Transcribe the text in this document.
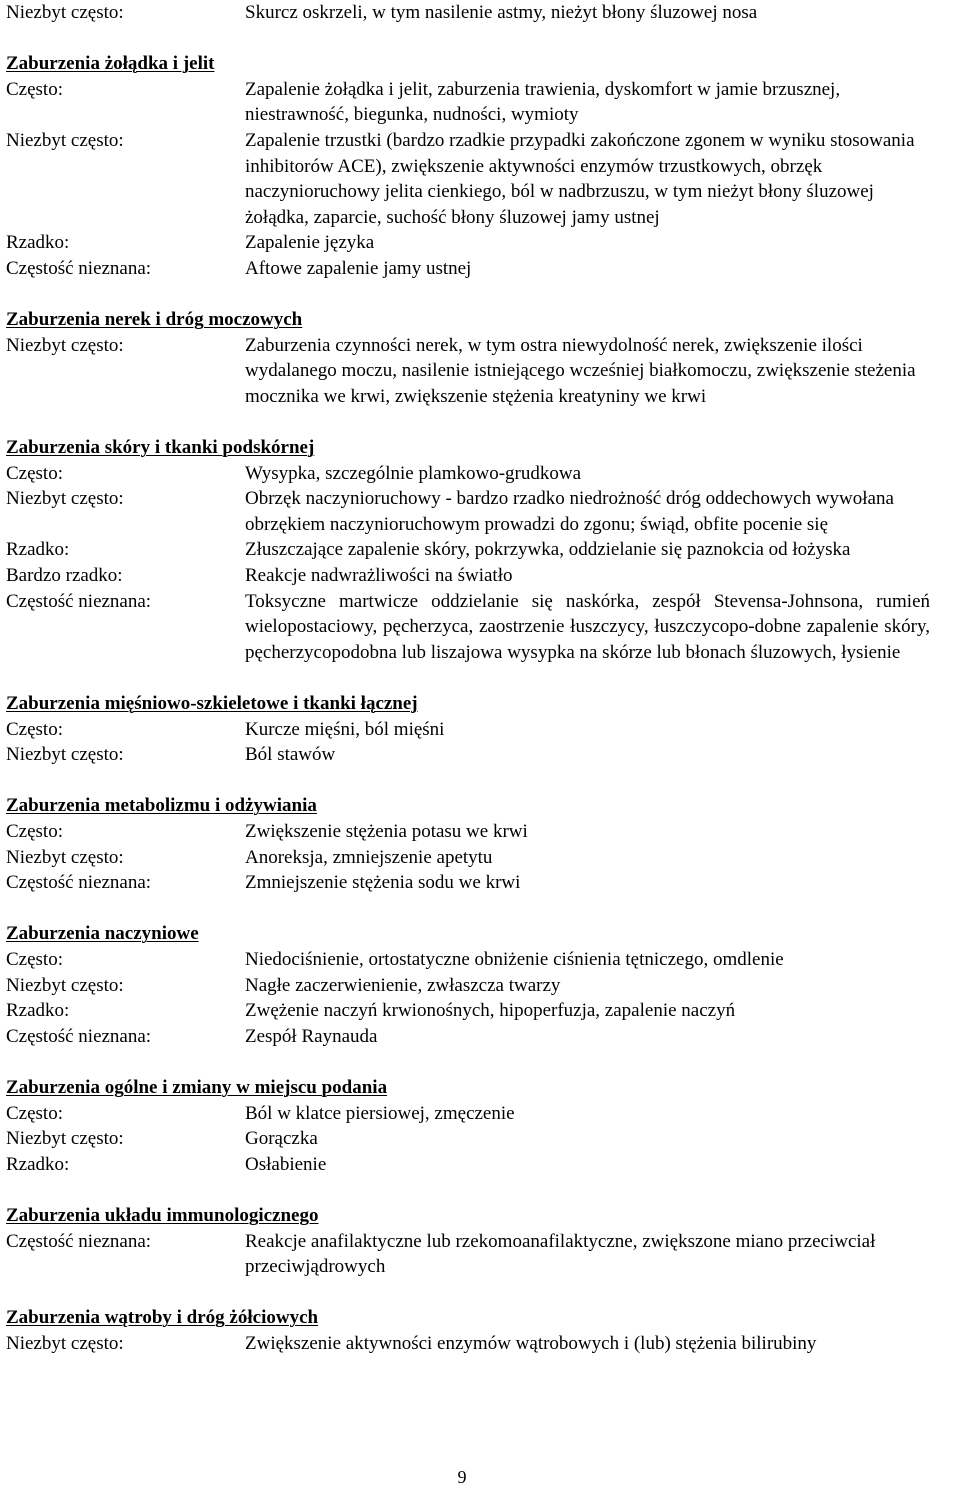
Niezbyt często:	Skurcz oskrzeli, w tym nasilenie astmy, nieżyt błony śluzowej nosa
Zaburzenia żołądka i jelit
Często:	Zapalenie żołądka i jelit, zaburzenia trawienia, dyskomfort w jamie brzusznej, niestrawność, biegunka, nudności, wymioty
Niezbyt często:	Zapalenie trzustki (bardzo rzadkie przypadki zakończone zgonem w wyniku stosowania inhibitorów ACE), zwiększenie aktywności enzymów trzustkowych, obrzęk naczynioruchowy jelita cienkiego, ból w nadbrzuszu, w tym nieżyt błony śluzowej żołądka, zaparcie, suchość błony śluzowej jamy ustnej
Rzadko:	Zapalenie języka
Częstość nieznana:	Aftowe zapalenie jamy ustnej
Zaburzenia nerek i dróg moczowych
Niezbyt często:	Zaburzenia czynności nerek, w tym ostra niewydolność nerek, zwiększenie ilości wydalanego moczu, nasilenie istniejącego wcześniej białkomoczu, zwiększenie steżenia mocznika we krwi, zwiększenie stężenia kreatyniny we krwi
Zaburzenia skóry i tkanki podskórnej
Często:	Wysypka, szczególnie plamkowo-grudkowa
Niezbyt często:	Obrzęk naczynioruchowy - bardzo rzadko niedrożność dróg oddechowych wywołana obrzękiem naczynioruchowym prowadzi do zgonu; świąd, obfite pocenie się
Rzadko:	Złuszczające zapalenie skóry, pokrzywka, oddzielanie się paznokcia od łożyska
Bardzo rzadko:	Reakcje nadwrażliwości na światło
Częstość nieznana:	Toksyczne martwicze oddzielanie się naskórka, zespół Stevensa-Johnsona, rumień wielopostaciowy, pęcherzyca, zaostrzenie łuszczycy, łuszczycopo-dobne zapalenie skóry, pęcherzycopodobna lub liszajowa wysypka na skórze lub błonach śluzowych, łysienie
Zaburzenia mięśniowo-szkieletowe i tkanki łącznej
Często:	Kurcze mięśni, ból mięśni
Niezbyt często:	Ból stawów
Zaburzenia metabolizmu i odżywiania
Często:	Zwiększenie stężenia potasu we krwi
Niezbyt często:	Anoreksja, zmniejszenie apetytu
Częstość nieznana:	Zmniejszenie stężenia sodu we krwi
Zaburzenia naczyniowe
Często:	Niedociśnienie, ortostatyczne obniżenie ciśnienia tętniczego, omdlenie
Niezbyt często:	Nagłe zaczerwienienie, zwłaszcza twarzy
Rzadko:	Zwężenie naczyń krwionośnych, hipoperfuzja, zapalenie naczyń
Częstość nieznana:	Zespół Raynauda
Zaburzenia ogólne i zmiany w miejscu podania
Często:	Ból w klatce piersiowej, zmęczenie
Niezbyt często:	Gorączka
Rzadko:	Osłabienie
Zaburzenia układu immunologicznego
Częstość nieznana:	Reakcje anafilaktyczne lub rzekomoanafilaktyczne, zwiększone miano przeciwciał przeciwjądrowych
Zaburzenia wątroby i dróg żółciowych
Niezbyt często:	Zwiększenie aktywności enzymów wątrobowych i (lub) stężenia bilirubiny
9
